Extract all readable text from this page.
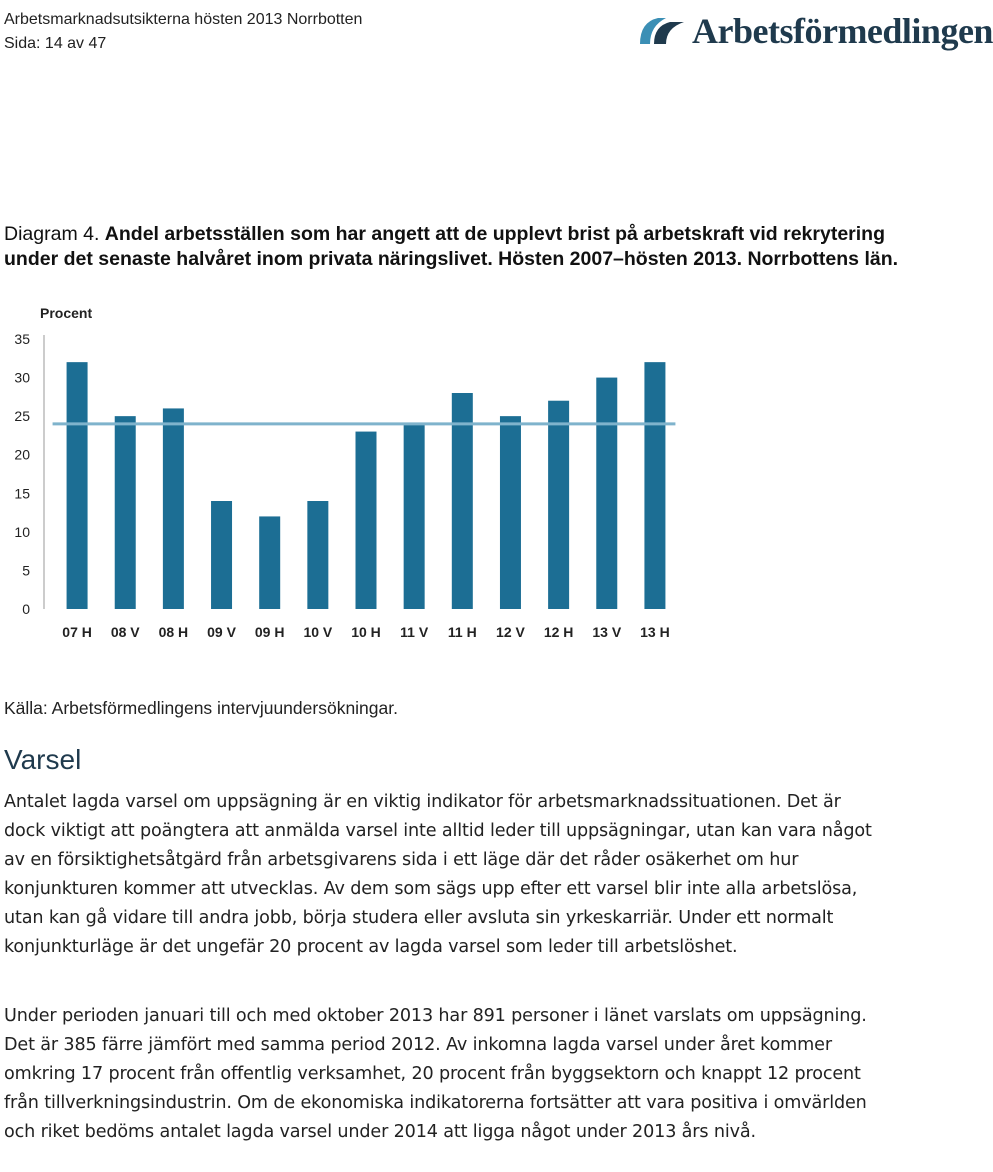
Arbetsmarknadsutsikterna hösten 2013 Norrbotten
Sida: 14 av 47	Arbetsförmedlingen
Diagram 4. Andel arbetsställen som har angett att de upplevt brist på arbetskraft vid rekrytering under det senaste halvåret inom privata näringslivet. Hösten 2007–hösten 2013. Norrbottens län.
Procent
0
5
10
15
20
25
30
35
07 H 08 V 08 H 09 V 09 H 10 V 10 H 11 V 11 H 12 V 12 H 13 V 13 H
Källa: Arbetsförmedlingens intervjuundersökningar.
Varsel
Antalet lagda varsel om uppsägning är en viktig indikator för arbetsmarknadssituationen. Det är dock viktigt att poängtera att anmälda varsel inte alltid leder till uppsägningar, utan kan vara något av en försiktighetsåtgärd från arbetsgivarens sida i ett läge där det råder osäkerhet om hur konjunkturen kommer att utvecklas. Av dem som sägs upp efter ett varsel blir inte alla arbetslösa, utan kan gå vidare till andra jobb, börja studera eller avsluta sin yrkeskarriär. Under ett normalt konjunkturläge är det ungefär 20 procent av lagda varsel som leder till arbetslöshet.
Under perioden januari till och med oktober 2013 har 891 personer i länet varslats om uppsägning. Det är 385 färre jämfört med samma period 2012. Av inkomna lagda varsel under året kommer omkring 17 procent från offentlig verksamhet, 20 procent från byggsektorn och knappt 12 procent från tillverkningsindustrin. Om de ekonomiska indikatorerna fortsätter att vara positiva i omvärlden och riket bedöms antalet lagda varsel under 2014 att ligga något under 2013 års nivå.
